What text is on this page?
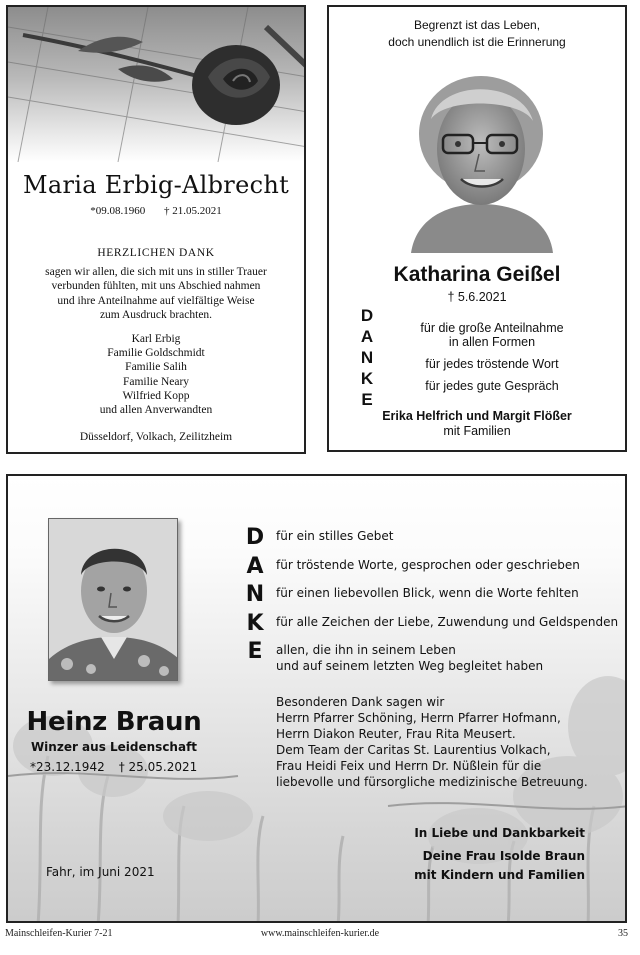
Maria Erbig-Albrecht
*09.08.1960 † 21.05.2021
HERZLICHEN DANK
sagen wir allen, die sich mit uns in stiller Trauer
verbunden fühlten, mit uns Abschied nahmen
und ihre Anteilnahme auf vielfältige Weise
zum Ausdruck brachten.
Karl Erbig
Familie Goldschmidt
Familie Salih
Familie Neary
Wilfried Kopp
und allen Anverwandten
Düsseldorf, Volkach, Zeilitzheim
Begrenzt ist das Leben,
doch unendlich ist die Erinnerung
Katharina Geißel
† 5.6.2021
D
A
N
K
E
für die große Anteilnahme
in allen Formen
für jedes tröstende Wort
für jedes gute Gespräch
Erika Helfrich und Margit Flößer
mit Familien
Heinz Braun
Winzer aus Leidenschaft
*23.12.1942 † 25.05.2021
Fahr, im Juni 2021
D
A
N
K
E
für ein stilles Gebet
für tröstende Worte, gesprochen oder geschrieben
für einen liebevollen Blick, wenn die Worte fehlten
für alle Zeichen der Liebe, Zuwendung und Geldspenden
allen, die ihn in seinem Leben
und auf seinem letzten Weg begleitet haben
Besonderen Dank sagen wir
Herrn Pfarrer Schöning, Herrn Pfarrer Hofmann,
Herrn Diakon Reuter, Frau Rita Meusert.
Dem Team der Caritas St. Laurentius Volkach,
Frau Heidi Feix und Herrn Dr. Nüßlein für die
liebevolle und fürsorgliche medizinische Betreuung.
In Liebe und Dankbarkeit
Deine Frau Isolde Braun
mit Kindern und Familien
Mainschleifen-Kurier 7-21	www.mainschleifen-kurier.de	35
